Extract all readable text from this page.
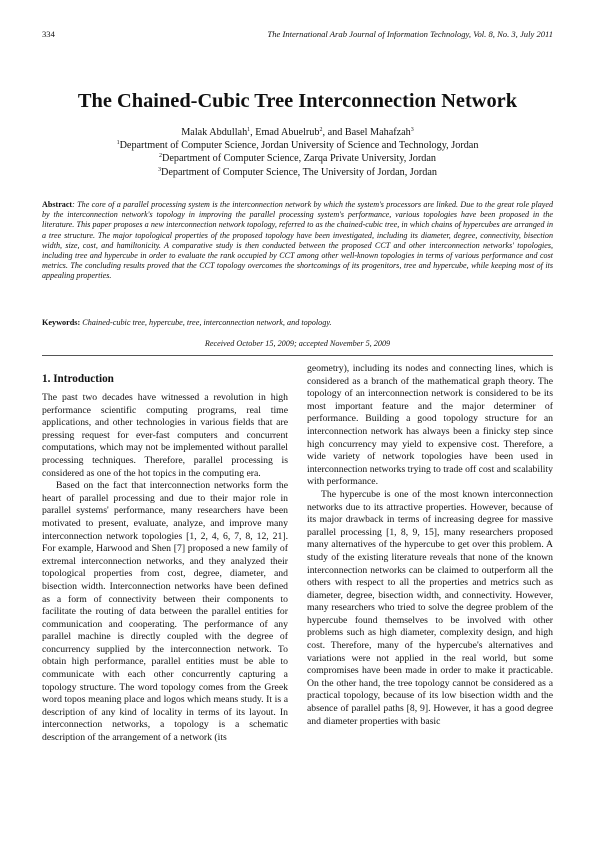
334	The International Arab Journal of Information Technology, Vol. 8, No. 3, July 2011
The Chained-Cubic Tree Interconnection Network
Malak Abdullah$^1$, Emad Abuelrub$^2$, and Basel Mahafzah$^3$
$^1$Department of Computer Science, Jordan University of Science and Technology, Jordan
$^2$Department of Computer Science, Zarqa Private University, Jordan
$^3$Department of Computer Science, The University of Jordan, Jordan

Abstract: The core of a parallel processing system is the interconnection network by which the system's processors are linked. Due to the great role played by the interconnection network's topology in improving the parallel processing system's performance, various topologies have been proposed in the literature. This paper proposes a new interconnection network topology, referred to as the chained-cubic tree, in which chains of hypercubes are arranged in a tree structure. The major topological properties of the proposed topology have been investigated, including its diameter, degree, connectivity, bisection width, size, cost, and hamiltonicity. A comparative study is then conducted between the proposed CCT and other interconnection networks' topologies, including tree and hypercube in order to evaluate the rank occupied by CCT among other well-known topologies in terms of various performance and cost metrics. The concluding results proved that the CCT topology overcomes the shortcomings of its progenitors, tree and hypercube, while keeping most of its appealing properties.

Keywords: Chained-cubic tree, hypercube, tree, interconnection network, and topology.

Received October 15, 2009; accepted November 5, 2009

1. Introduction

The past two decades have witnessed a revolution in high performance scientific computing programs, real time applications, and other technologies in various fields that are pressing request for ever-fast computers and concurrent computations, which may not be implemented without parallel processing techniques. Therefore, parallel processing is considered as one of the hot topics in the computing era.

Based on the fact that interconnection networks form the heart of parallel processing and due to their major role in parallel systems' performance, many researchers have been motivated to present, evaluate, analyze, and improve many interconnection network topologies [1, 2, 4, 6, 7, 8, 12, 21]. For example, Harwood and Shen [7] proposed a new family of extremal interconnection networks, and they analyzed their topological properties from cost, degree, diameter, and bisection width. Interconnection networks have been defined as a form of connectivity between their components to facilitate the routing of data between the parallel entities for communication and cooperating. The performance of any parallel machine is directly coupled with the degree of concurrency supplied by the interconnection network. To obtain high performance, parallel entities must be able to communicate with each other concurrently capturing a topology structure. The word topology comes from the Greek word topos meaning place and logos which means study. It is a description of any kind of locality in terms of its layout. In interconnection networks, a topology is a schematic description of the arrangement of a network (its

geometry), including its nodes and connecting lines, which is considered as a branch of the mathematical graph theory. The topology of an interconnection network is considered to be its most important feature and the major determiner of performance. Building a good topology structure for an interconnection network has always been a finicky step since high concurrency may yield to expensive cost. Therefore, a wide variety of network topologies have been used in interconnection networks trying to trade off cost and scalability with performance.

The hypercube is one of the most known interconnection networks due to its attractive properties. However, because of its major drawback in terms of increasing degree for massive parallel processing [1, 8, 9, 15], many researchers proposed many alternatives of the hypercube to get over this problem. A study of the existing literature reveals that none of the known interconnection networks can be claimed to outperform all the others with respect to all the properties and metrics such as diameter, degree, bisection width, and connectivity. However, many researchers who tried to solve the degree problem of the hypercube found themselves to be involved with other problems such as high diameter, complexity design, and high cost. Therefore, many of the hypercube's alternatives and variations were not applied in the real world, but some compromises have been made in order to make it practicable. On the other hand, the tree topology cannot be considered as a practical topology, because of its low bisection width and the absence of parallel paths [8, 9]. However, it has a good degree and diameter properties with basic
